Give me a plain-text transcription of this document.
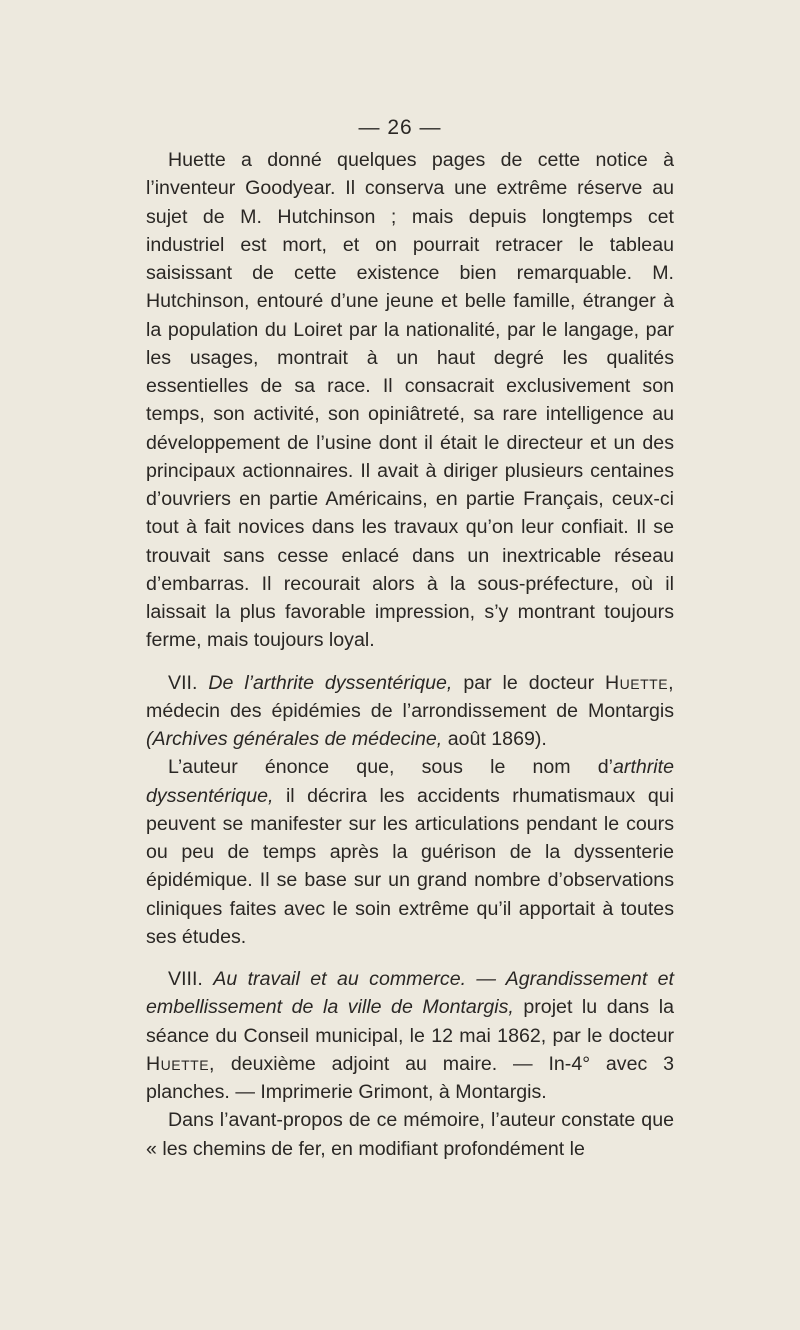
— 26 —

Huette a donné quelques pages de cette notice à l’inventeur Goodyear. Il conserva une extrême réserve au sujet de M. Hutchinson ; mais depuis longtemps cet industriel est mort, et on pourrait retracer le tableau saisissant de cette existence bien remarquable. M. Hutchinson, entouré d’une jeune et belle famille, étranger à la population du Loiret par la nationalité, par le langage, par les usages, montrait à un haut degré les qualités essentielles de sa race. Il consacrait exclusivement son temps, son activité, son opiniâtreté, sa rare intelligence au développement de l’usine dont il était le directeur et un des principaux actionnaires. Il avait à diriger plusieurs centaines d’ouvriers en partie Américains, en partie Français, ceux-ci tout à fait novices dans les travaux qu’on leur confiait. Il se trouvait sans cesse enlacé dans un inextricable réseau d’embarras. Il recourait alors à la sous-préfecture, où il laissait la plus favorable impression, s’y montrant toujours ferme, mais toujours loyal.

VII. De l’arthrite dyssentérique, par le docteur Huette, médecin des épidémies de l’arrondissement de Montargis (Archives générales de médecine, août 1869).

L’auteur énonce que, sous le nom d’arthrite dyssentérique, il décrira les accidents rhumatismaux qui peuvent se manifester sur les articulations pendant le cours ou peu de temps après la guérison de la dyssenterie épidémique. Il se base sur un grand nombre d’observations cliniques faites avec le soin extrême qu’il apportait à toutes ses études.

VIII. Au travail et au commerce. — Agrandissement et embellissement de la ville de Montargis, projet lu dans la séance du Conseil municipal, le 12 mai 1862, par le docteur Huette, deuxième adjoint au maire. — In-4° avec 3 planches. — Imprimerie Grimont, à Montargis.

Dans l’avant-propos de ce mémoire, l’auteur constate que « les chemins de fer, en modifiant profondément le
